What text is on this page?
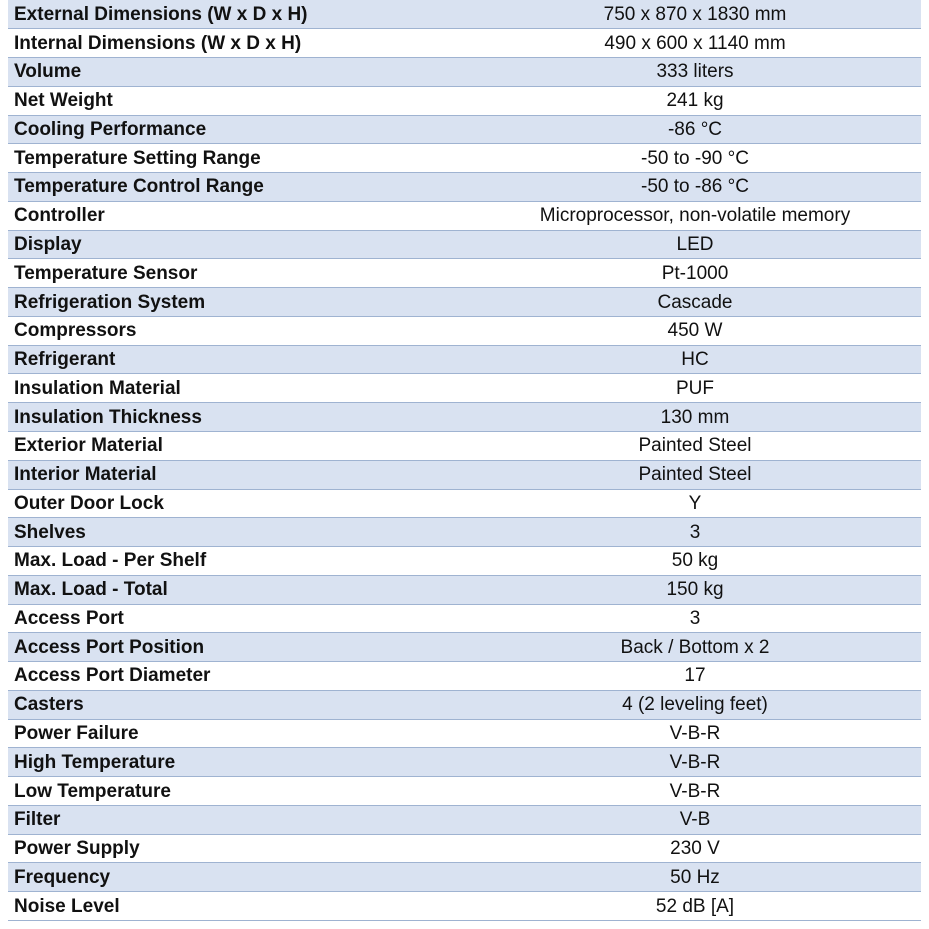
External Dimensions (W x D x H)	750 x 870 x 1830 mm
Internal Dimensions (W x D x H)	490 x 600 x 1140 mm
Volume	333 liters
Net Weight	241 kg
Cooling Performance	-86 °C
Temperature Setting Range	-50 to -90 °C
Temperature Control Range	-50 to -86 °C
Controller	Microprocessor, non-volatile memory
Display	LED
Temperature Sensor	Pt-1000
Refrigeration System	Cascade
Compressors	450 W
Refrigerant	HC
Insulation Material	PUF
Insulation Thickness	130 mm
Exterior Material	Painted Steel
Interior Material	Painted Steel
Outer Door Lock	Y
Shelves	3
Max. Load - Per Shelf	50 kg
Max. Load - Total	150 kg
Access Port	3
Access Port Position	Back / Bottom x 2
Access Port Diameter	17
Casters	4 (2 leveling feet)
Power Failure	V-B-R
High Temperature	V-B-R
Low Temperature	V-B-R
Filter	V-B
Power Supply	230 V
Frequency	50 Hz
Noise Level	52 dB [A]
